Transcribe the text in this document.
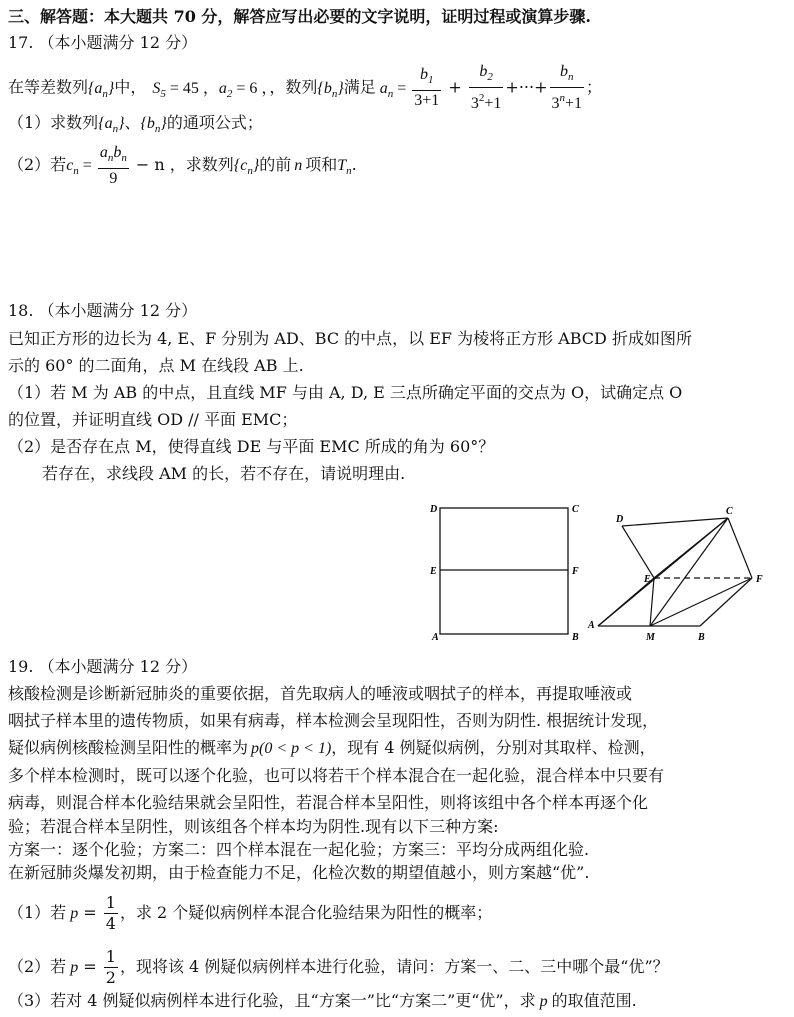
三、解答题：本大题共 70 分，解答应写出必要的文字说明，证明过程或演算步骤.
17. （本小题满分 12 分）
在等差数列$\{a_n\}$中， $S_5 = 45$ ，$a_2 = 6$ ，，数列$\{b_n\}$满足 $a_n = \frac{b_1}{3+1} + \frac{b_2}{3^2+1}$ +···+ $\frac{b_n}{3^n+1}$ ；
（1）求数列$\{a_n\}$、$\{b_n\}$的通项公式；
（2）若$c_n = \frac{a_nb_n}{9} - n$ ，求数列$\{c_n\}$的前 n 项和$T_n$.
18. （本小题满分 12 分）
已知正方形的边长为 4, E、F 分别为 AD、BC 的中点，以 EF 为棱将正方形 ABCD 折成如图所
示的 60° 的二面角，点 M 在线段 AB 上.
（1）若 M 为 AB 的中点，且直线 MF 与由 A, D, E 三点所确定平面的交点为 O，试确定点 O
的位置，并证明直线 OD // 平面 EMC；
（2）是否存在点 M，使得直线 DE 与平面 EMC 所成的角为 60°？
若存在，求线段 AM 的长，若不存在，请说明理由.
D	C
E	F
A	B
D
C
E	F
A
M	B
19. （本小题满分 12 分）
核酸检测是诊断新冠肺炎的重要依据，首先取病人的唾液或咽拭子的样本，再提取唾液或
咽拭子样本里的遗传物质，如果有病毒，样本检测会呈现阳性，否则为阴性. 根据统计发现，
疑似病例核酸检测呈阳性的概率为 p(0 < p < 1)，现有 4 例疑似病例，分别对其取样、检测，
多个样本检测时，既可以逐个化验，也可以将若干个样本混合在一起化验，混合样本中只要有
病毒，则混合样本化验结果就会呈阳性，若混合样本呈阳性，则将该组中各个样本再逐个化
验；若混合样本呈阴性，则该组各个样本均为阴性.现有以下三种方案:
方案一：逐个化验；方案二：四个样本混在一起化验；方案三：平均分成两组化验.
在新冠肺炎爆发初期，由于检查能力不足，化检次数的期望值越小，则方案越“优”.
（1）若 $p = \frac{1}{4}$ ，求 2 个疑似病例样本混合化验结果为阳性的概率；
（2）若 $p = \frac{1}{2}$ ，现将该 4 例疑似病例样本进行化验，请问：方案一、二、三中哪个最“优”？
（3）若对 4 例疑似病例样本进行化验，且“方案一”比“方案二”更“优”，求 p 的取值范围.
